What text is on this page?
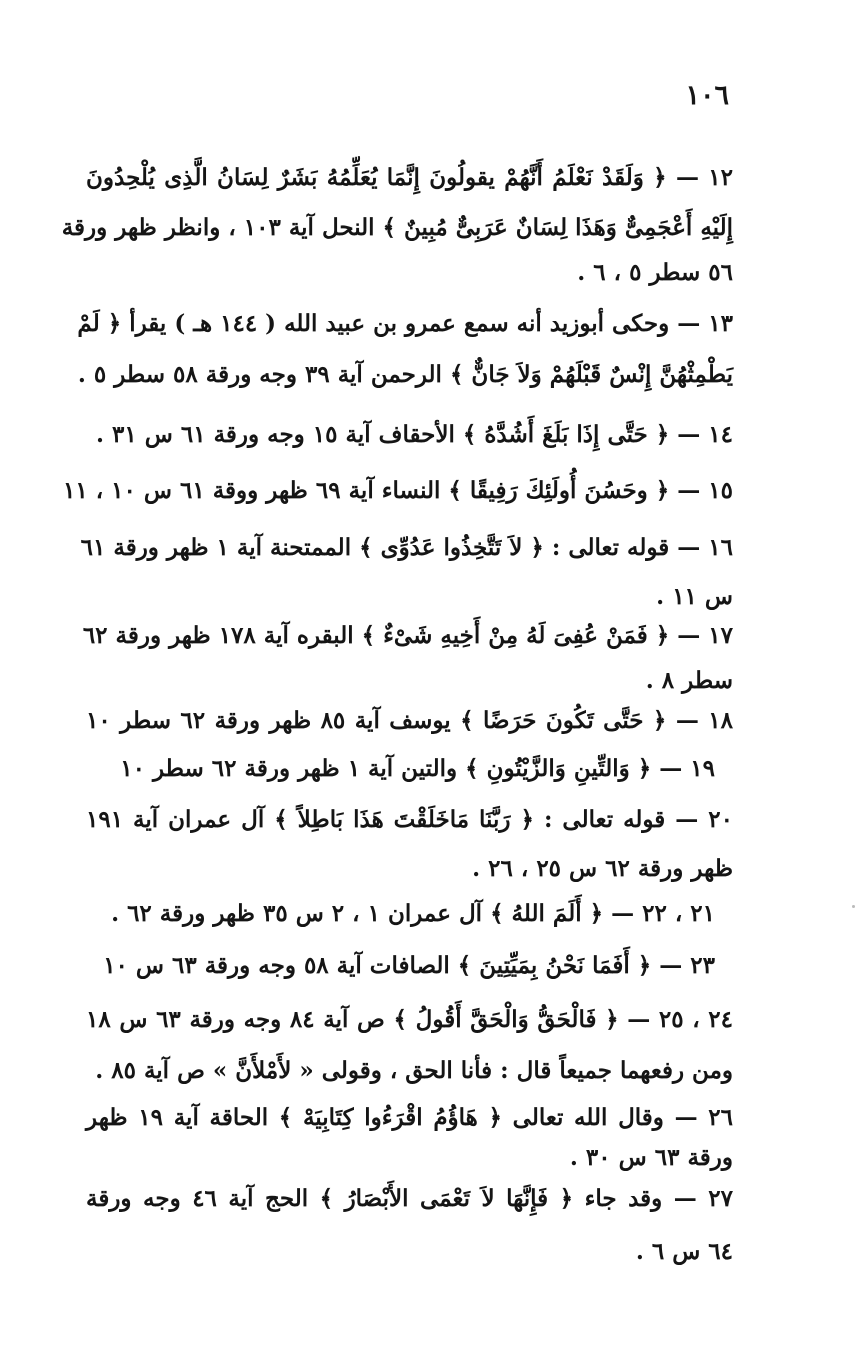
١٠٦
١٢ — ﴿ وَلَقَدْ نَعْلَمُ أَنَّهُمْ يقولُونَ إِنَّمَا يُعَلِّمُهُ بَشَرٌ لِسَانُ الَّذِى يُلْحِدُونَ
إِلَيْهِ أَعْجَمِىٌّ وَهَذَا لِسَانٌ عَرَبِىٌّ مُبِينٌ ﴾ النحل آية ١٠٣ ، وانظر ظهر ورقة
٥٦ سطر ٥ ، ٦ .
١٣ — وحكى أبوزيد أنه سمع عمرو بن عبيد الله ( ١٤٤ هـ ) يقرأ ﴿ لَمْ
يَطْمِثْهُنَّ إِنْسٌ قَبْلَهُمْ وَلاَ جَانٌّ ﴾ الرحمن آية ٣٩ وجه ورقة ٥٨ سطر ٥ .
١٤ — ﴿ حَتَّى إِذَا بَلَغَ أَشُدَّهُ ﴾ الأحقاف آية ١٥ وجه ورقة ٦١ س ٣١ .
١٥ — ﴿ وحَسُنَ أُولَئِكَ رَفِيقًا ﴾ النساء آية ٦٩ ظهر ووقة ٦١ س ١٠ ، ١١
١٦ — قوله تعالى : ﴿ لاَ تَتَّخِذُوا عَدُوِّى ﴾ الممتحنة آية ١ ظهر ورقة ٦١
س ١١ .
١٧ — ﴿ فَمَنْ عُفِىَ لَهُ مِنْ أَخِيهِ شَىْءٌ ﴾ البقره آية ١٧٨ ظهر ورقة ٦٢
سطر ٨ .
١٨ — ﴿ حَتَّى تَكُونَ حَرَضًا ﴾ يوسف آية ٨٥ ظهر ورقة ٦٢ سطر ١٠
١٩ — ﴿ وَالتِّينِ وَالزَّيْتُونِ ﴾ والتين آية ١ ظهر ورقة ٦٢ سطر ١٠
٢٠ — قوله تعالى : ﴿ رَبَّنَا مَاخَلَقْتَ هَذَا بَاطِلاً ﴾ آل عمران آية ١٩١
ظهر ورقة ٦٢ س ٢٥ ، ٢٦ .
٢١ ، ٢٢ — ﴿ أَلَمَ اللهُ ﴾ آل عمران ١ ، ٢ س ٣٥ ظهر ورقة ٦٢ .
٢٣ — ﴿ أَفَمَا نَحْنُ بِمَيِّتِينَ ﴾ الصافات آية ٥٨ وجه ورقة ٦٣ س ١٠
٢٤ ، ٢٥ — ﴿ فَالْحَقُّ وَالْحَقَّ أَقُولُ ﴾ ص آية ٨٤ وجه ورقة ٦٣ س ١٨
ومن رفعهما جميعاً قال : فأنا الحق ، وقولى « لأَمْلأَنَّ » ص آية ٨٥ .
٢٦ — وقال الله تعالى ﴿ هَاؤُمُ اقْرَءُوا كِتَابِيَهْ ﴾ الحاقة آية ١٩ ظهر
ورقة ٦٣ س ٣٠ .
٢٧ — وقد جاء ﴿ فَإِنَّهَا لاَ تَعْمَى الأَبْصَارُ ﴾ الحج آية ٤٦ وجه ورقة
٦٤ س ٦ .
